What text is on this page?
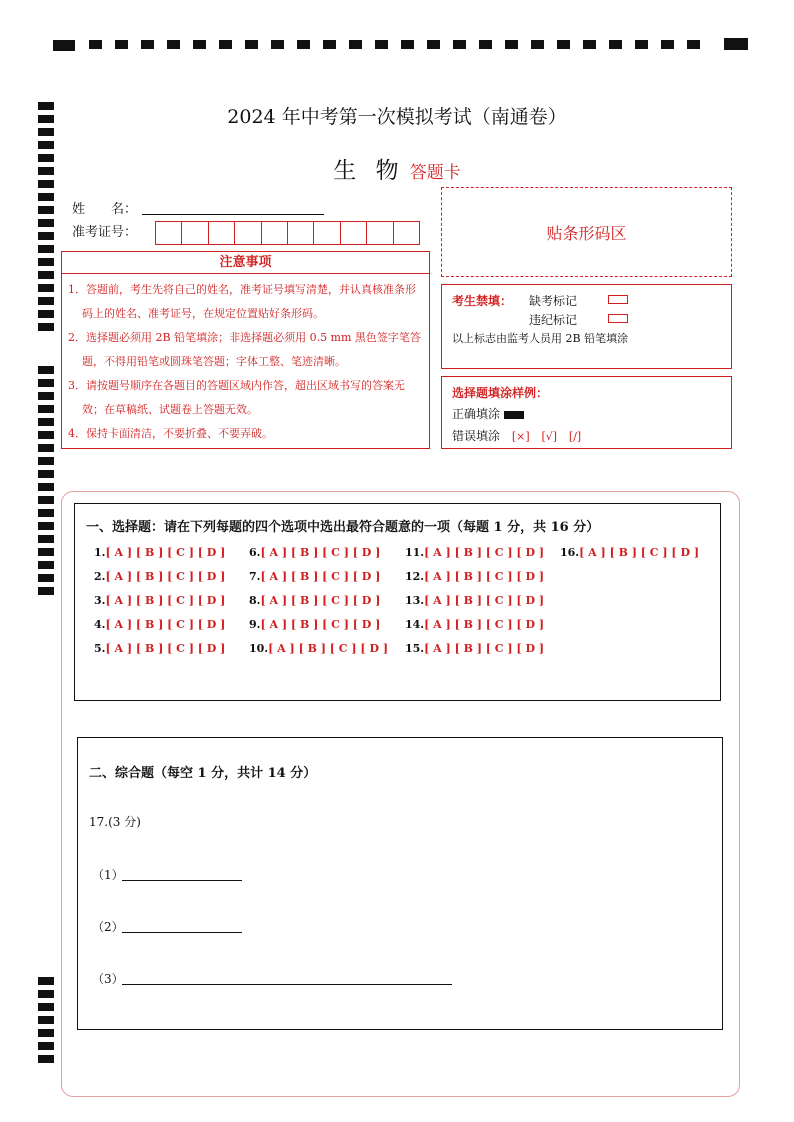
2024 年中考第一次模拟考试（南通卷）
生 物 答题卡
姓　　名：
准考证号：	贴条形码区
注意事项
1．答题前，考生先将自己的姓名，准考证号填写清楚，并认真核准条形码上的姓名、准考证号，在规定位置贴好条形码。
2．选择题必须用 2B 铅笔填涂；非选择题必须用 0.5 mm 黑色签字笔答题，不得用铅笔或圆珠笔答题；字体工整、笔迹清晰。
3．请按题号顺序在各题目的答题区域内作答，超出区域书写的答案无效；在草稿纸、试题卷上答题无效。
4．保持卡面清洁，不要折叠、不要弄破。
考生禁填： 缺考标记
违纪标记
以上标志由监考人员用 2B 铅笔填涂
选择题填涂样例：
正确填涂
错误填涂 [×] [√] [/]
一、选择题：请在下列每题的四个选项中选出最符合题意的一项（每题 1 分，共 16 分）
1.[ A ] [ B ] [ C ] [ D ]
2.[ A ] [ B ] [ C ] [ D ]
3.[ A ] [ B ] [ C ] [ D ]
4.[ A ] [ B ] [ C ] [ D ]
5.[ A ] [ B ] [ C ] [ D ]
6.[ A ] [ B ] [ C ] [ D ]
7.[ A ] [ B ] [ C ] [ D ]
8.[ A ] [ B ] [ C ] [ D ]
9.[ A ] [ B ] [ C ] [ D ]
10.[ A ] [ B ] [ C ] [ D ]
11.[ A ] [ B ] [ C ] [ D ]
12.[ A ] [ B ] [ C ] [ D ]
13.[ A ] [ B ] [ C ] [ D ]
14.[ A ] [ B ] [ C ] [ D ]
15.[ A ] [ B ] [ C ] [ D ]
16.[ A ] [ B ] [ C ] [ D ]
二、综合题（每空 1 分，共计 14 分）
17.(3 分)
（1）
（2）
（3）
